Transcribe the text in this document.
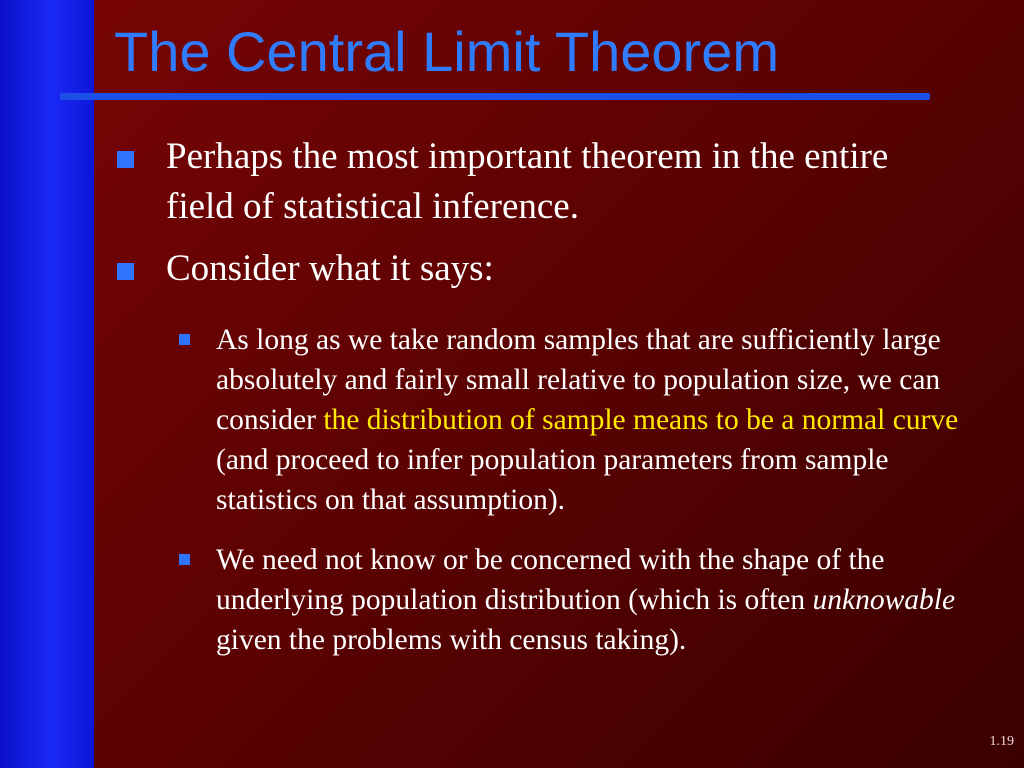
The Central Limit Theorem
Perhaps the most important theorem in the entire field of statistical inference.
Consider what it says:
As long as we take random samples that are sufficiently large absolutely and fairly small relative to population size, we can consider the distribution of sample means to be a normal curve (and proceed to infer population parameters from sample statistics on that assumption).
We need not know or be concerned with the shape of the underlying population distribution (which is often unknowable given the problems with census taking).
1.19
